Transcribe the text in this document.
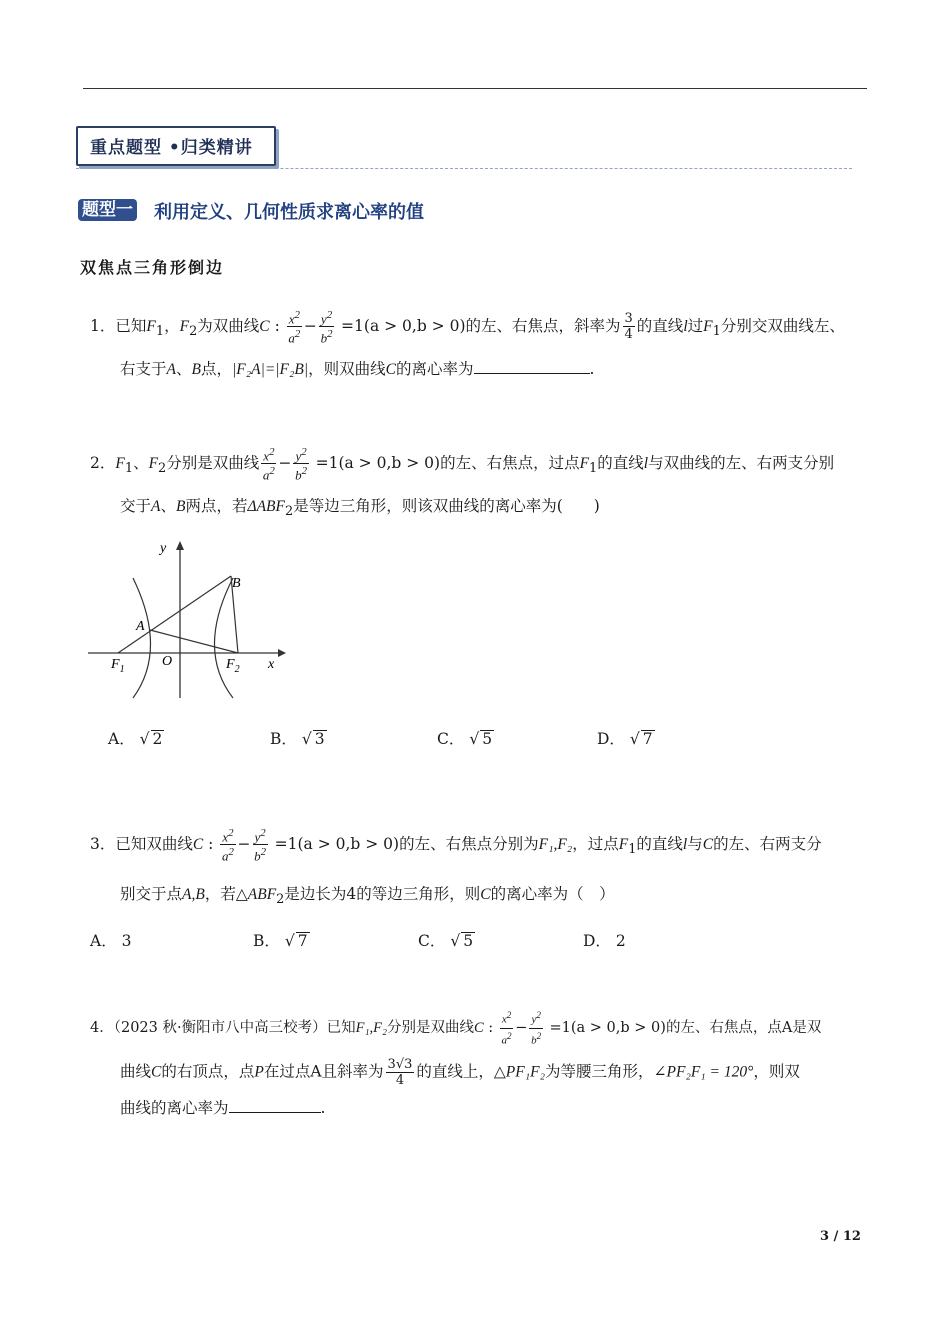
重点题型 •归类精讲
题型一 利用定义、几何性质求离心率的值
双焦点三角形倒边
1．已知$F_1$，$F_2$为双曲线C : $\frac{x^2}{a^2} - \frac{y^2}{b^2} =1(a > 0,b > 0)$的左、右焦点，斜率为 $\frac{3}{4}$ 的直线l过$F_1$分别交双曲线左、
右支于A、B点，|F₂A|=|F₂B|，则双曲线C的离心率为	.
2．$F_1$、$F_2$分别是双曲线 $\frac{x^2}{a^2} - \frac{y^2}{b^2} =1(a > 0,b > 0)$的左、右焦点，过点$F_1$的直线l与双曲线的左、右两支分别
交于A、B两点，若$\Delta ABF_2$是等边三角形，则该双曲线的离心率为(　　)
y
x
B
A
O
$F_1$	$F_2$
A． √ 2	B． √ 3	C． √ 5	D． √ 7
3．已知双曲线C : $\frac{x^2}{a^2} - \frac{y^2}{b^2} =1(a > 0,b > 0)$的左、右焦点分别为F₁,F₂，过点$F_1$的直线l与C的左、右两支分
别交于点A,B，若$\triangle ABF_2$是边长为4的等边三角形，则C的离心率为（　）
A． 3	B． √ 7	C． √ 5	D． 2
4．（2023 秋·衡阳市八中高三校考）已知F₁,F₂分别是双曲线C : $\frac{x^2}{a^2} - \frac{y^2}{b^2} =1(a > 0,b > 0)$的左、右焦点，点A是双
曲线C的右顶点，点P在过点A且斜率为 $\frac{3√3}{4}$ 的直线上，△PF₁F₂为等腰三角形，∠PF₂F₁ = 120°，则双
曲线的离心率为	.
3 / 12
